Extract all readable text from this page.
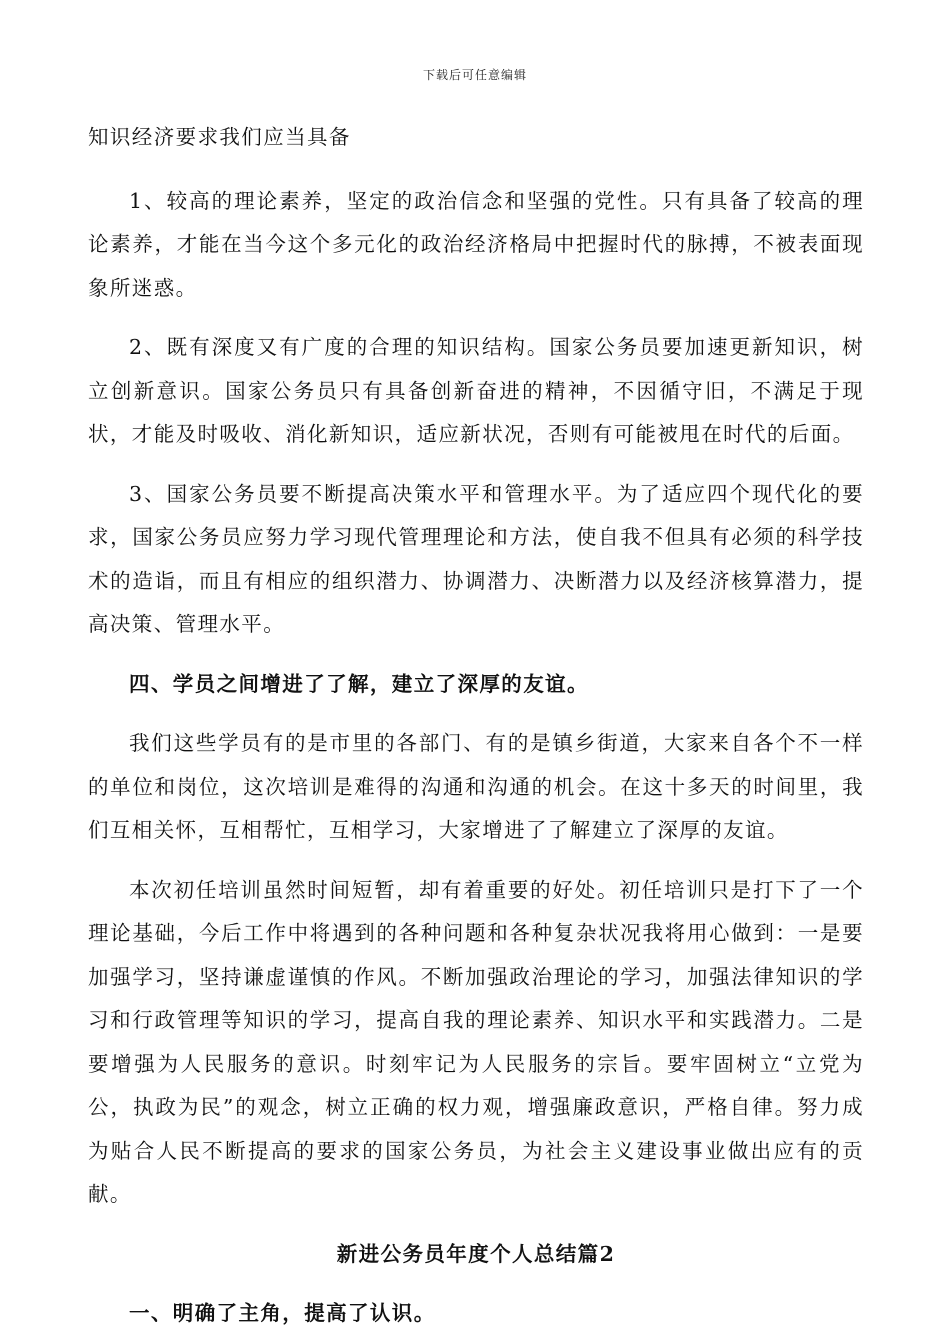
下载后可任意编辑

知识经济要求我们应当具备

1、较高的理论素养，坚定的政治信念和坚强的党性。只有具备了较高的理论素养，才能在当今这个多元化的政治经济格局中把握时代的脉搏，不被表面现象所迷惑。

2、既有深度又有广度的合理的知识结构。国家公务员要加速更新知识，树立创新意识。国家公务员只有具备创新奋进的精神，不因循守旧，不满足于现状，才能及时吸收、消化新知识，适应新状况，否则有可能被甩在时代的后面。

3、国家公务员要不断提高决策水平和管理水平。为了适应四个现代化的要求，国家公务员应努力学习现代管理理论和方法，使自我不但具有必须的科学技术的造诣，而且有相应的组织潜力、协调潜力、决断潜力以及经济核算潜力，提高决策、管理水平。

四、学员之间增进了了解，建立了深厚的友谊。

我们这些学员有的是市里的各部门、有的是镇乡街道，大家来自各个不一样的单位和岗位，这次培训是难得的沟通和沟通的机会。在这十多天的时间里，我们互相关怀，互相帮忙，互相学习，大家增进了了解建立了深厚的友谊。

本次初任培训虽然时间短暂，却有着重要的好处。初任培训只是打下了一个理论基础，今后工作中将遇到的各种问题和各种复杂状况我将用心做到：一是要加强学习，坚持谦虚谨慎的作风。不断加强政治理论的学习，加强法律知识的学习和行政管理等知识的学习，提高自我的理论素养、知识水平和实践潜力。二是要增强为人民服务的意识。时刻牢记为人民服务的宗旨。要牢固树立“立党为公，执政为民”的观念，树立正确的权力观，增强廉政意识，严格自律。努力成为贴合人民不断提高的要求的国家公务员，为社会主义建设事业做出应有的贡献。

新进公务员年度个人总结篇2

一、明确了主角，提高了认识。
